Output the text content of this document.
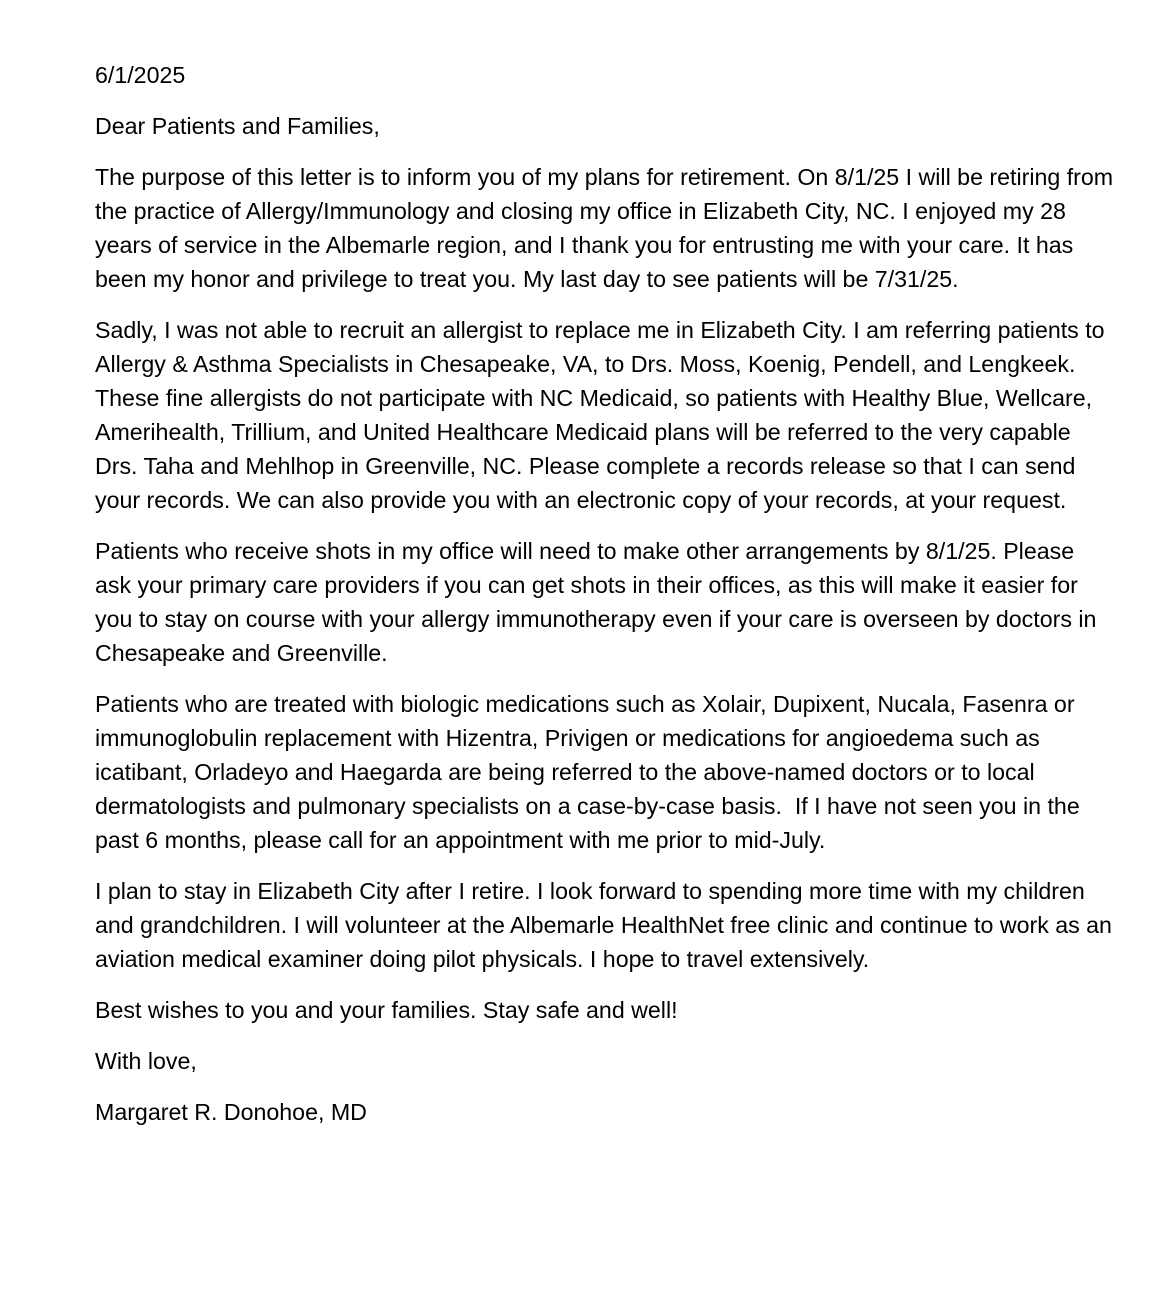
6/1/2025

Dear Patients and Families,

The purpose of this letter is to inform you of my plans for retirement. On 8/1/25 I will be retiring from the practice of Allergy/Immunology and closing my office in Elizabeth City, NC. I enjoyed my 28 years of service in the Albemarle region, and I thank you for entrusting me with your care. It has been my honor and privilege to treat you. My last day to see patients will be 7/31/25.

Sadly, I was not able to recruit an allergist to replace me in Elizabeth City. I am referring patients to Allergy & Asthma Specialists in Chesapeake, VA, to Drs. Moss, Koenig, Pendell, and Lengkeek. These fine allergists do not participate with NC Medicaid, so patients with Healthy Blue, Wellcare, Amerihealth, Trillium, and United Healthcare Medicaid plans will be referred to the very capable Drs. Taha and Mehlhop in Greenville, NC. Please complete a records release so that I can send your records. We can also provide you with an electronic copy of your records, at your request.

Patients who receive shots in my office will need to make other arrangements by 8/1/25. Please ask your primary care providers if you can get shots in their offices, as this will make it easier for you to stay on course with your allergy immunotherapy even if your care is overseen by doctors in Chesapeake and Greenville.

Patients who are treated with biologic medications such as Xolair, Dupixent, Nucala, Fasenra or immunoglobulin replacement with Hizentra, Privigen or medications for angioedema such as icatibant, Orladeyo and Haegarda are being referred to the above-named doctors or to local dermatologists and pulmonary specialists on a case-by-case basis.  If I have not seen you in the past 6 months, please call for an appointment with me prior to mid-July.

I plan to stay in Elizabeth City after I retire. I look forward to spending more time with my children and grandchildren. I will volunteer at the Albemarle HealthNet free clinic and continue to work as an aviation medical examiner doing pilot physicals. I hope to travel extensively.

Best wishes to you and your families. Stay safe and well!

With love,

Margaret R. Donohoe, MD
